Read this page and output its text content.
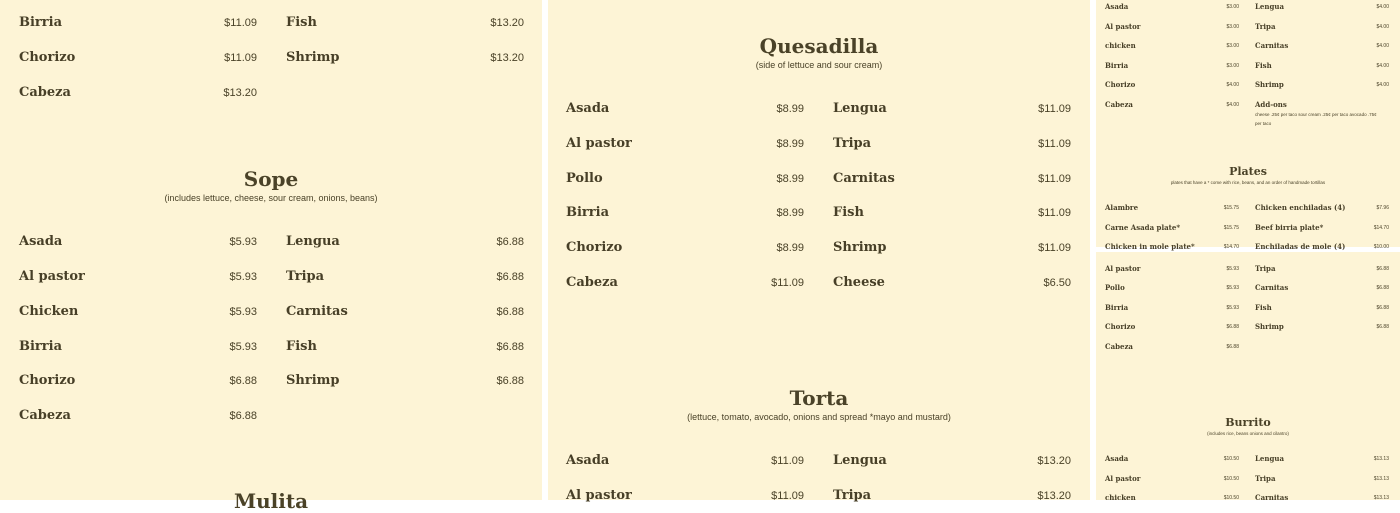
Birria	$11.09 Fish	$13.20
Chorizo	$11.09 Shrimp	$13.20
Cabeza	$13.20
Sope
(includes lettuce, cheese, sour cream, onions, beans)
Asada	$5.93 Lengua	$6.88
Al pastor	$5.93 Tripa	$6.88
Chicken	$5.93 Carnitas	$6.88
Birria	$5.93 Fish	$6.88
Chorizo	$6.88 Shrimp	$6.88
Cabeza	$6.88
Mulita
Quesadilla
(side of lettuce and sour cream)
Asada	$8.99 Lengua	$11.09
Al pastor	$8.99 Tripa	$11.09
Pollo	$8.99 Carnitas	$11.09
Birria	$8.99 Fish	$11.09
Chorizo	$8.99 Shrimp	$11.09
Cabeza	$11.09 Cheese	$6.50
Torta
(lettuce, tomato, avocado, onions and spread *mayo and mustard)
Asada	$11.09 Lengua	$13.20
Al pastor	$11.09 Tripa	$13.20
Asada	$3.00 Lengua	$4.00
Al pastor	$3.00 Tripa	$4.00
chicken	$3.00 Carnitas	$4.00
Birria	$3.00 Fish	$4.00
Chorizo	$4.00 Shrimp	$4.00
Cabeza	$4.00 Add-ons
cheese .25¢ per taco sour cream .25¢ per taco avocado .75¢ per taco
Plates
plates that have a * come with rice, beans, and an order of handmade tortillas
Alambre	$15.75 Chicken enchiladas (4)	$7.96
Carne Asada plate*	$15.75 Beef birria plate*	$14.70
Chicken in mole plate*	$14.70 Enchiladas de mole (4)	$10.00
Al pastor	$5.93 Tripa	$6.88
Pollo	$5.93 Carnitas	$6.88
Birria	$5.93 Fish	$6.88
Chorizo	$6.88 Shrimp	$6.88
Cabeza	$6.88
Burrito
(includes rice, beans onions and cilantro)
Asada	$10.50 Lengua	$13.13
Al pastor	$10.50 Tripa	$13.13
chicken	$10.50 Carnitas	$13.13
